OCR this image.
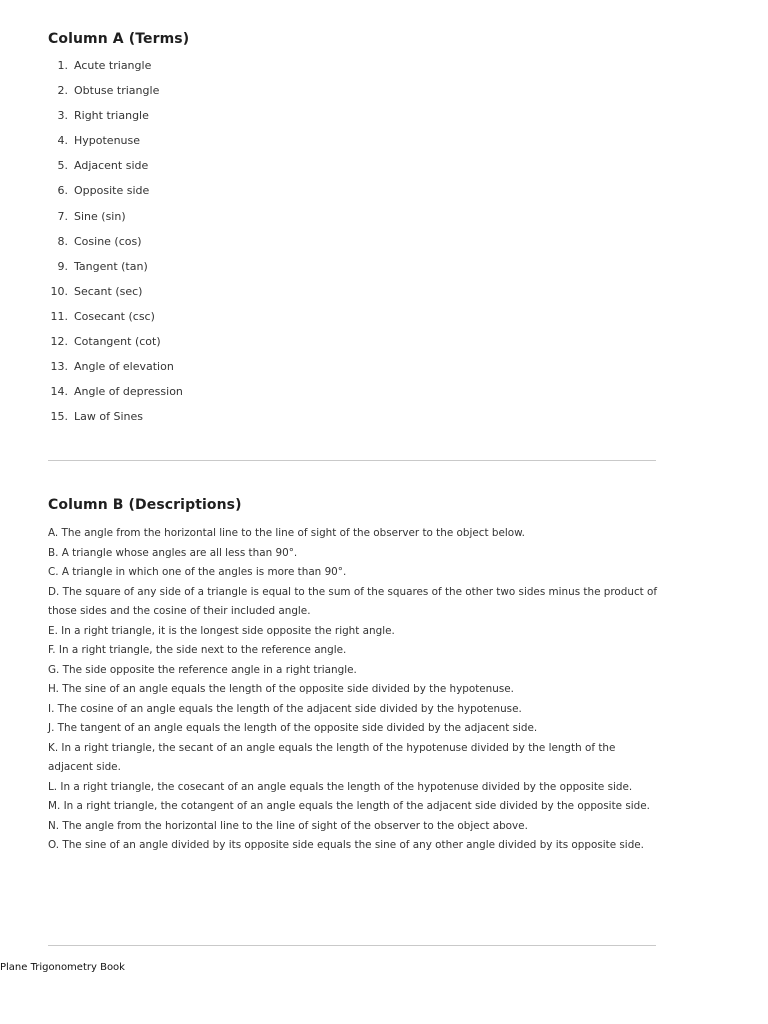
Column A (Terms)
1. Acute triangle
2. Obtuse triangle
3. Right triangle
4. Hypotenuse
5. Adjacent side
6. Opposite side
7. Sine (sin)
8. Cosine (cos)
9. Tangent (tan)
10. Secant (sec)
11. Cosecant (csc)
12. Cotangent (cot)
13. Angle of elevation
14. Angle of depression
15. Law of Sines
Column B (Descriptions)

A. The angle from the horizontal line to the line of sight of the observer to the object below.

B. A triangle whose angles are all less than 90°.

C. A triangle in which one of the angles is more than 90°.

D. The square of any side of a triangle is equal to the sum of the squares of the other two sides minus the product of those sides and the cosine of their included angle.

E. In a right triangle, it is the longest side opposite the right angle.

F. In a right triangle, the side next to the reference angle.

G. The side opposite the reference angle in a right triangle.

H. The sine of an angle equals the length of the opposite side divided by the hypotenuse.

I. The cosine of an angle equals the length of the adjacent side divided by the hypotenuse.

J. The tangent of an angle equals the length of the opposite side divided by the adjacent side.

K. In a right triangle, the secant of an angle equals the length of the hypotenuse divided by the length of the adjacent side.

L. In a right triangle, the cosecant of an angle equals the length of the hypotenuse divided by the opposite side.

M. In a right triangle, the cotangent of an angle equals the length of the adjacent side divided by the opposite side.

N. The angle from the horizontal line to the line of sight of the observer to the object above.

O. The sine of an angle divided by its opposite side equals the sine of any other angle divided by its opposite side.

Plane Trigonometry Book
